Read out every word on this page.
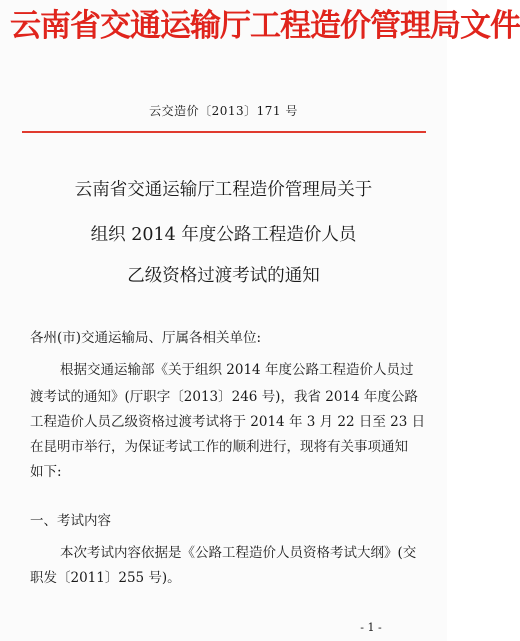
云南省交通运输厅工程造价管理局文件
云交造价〔2013〕171 号
云南省交通运输厅工程造价管理局关于
组织 2014 年度公路工程造价人员
乙级资格过渡考试的通知
各州(市)交通运输局、厅属各相关单位:
根据交通运输部《关于组织 2014 年度公路工程造价人员过
渡考试的通知》(厅职字〔2013〕246 号)，我省 2014 年度公路
工程造价人员乙级资格过渡考试将于 2014 年 3 月 22 日至 23 日
在昆明市举行，为保证考试工作的顺利进行，现将有关事项通知
如下:
一、考试内容
本次考试内容依据是《公路工程造价人员资格考试大纲》(交
职发〔2011〕255 号)。
- 1 -
